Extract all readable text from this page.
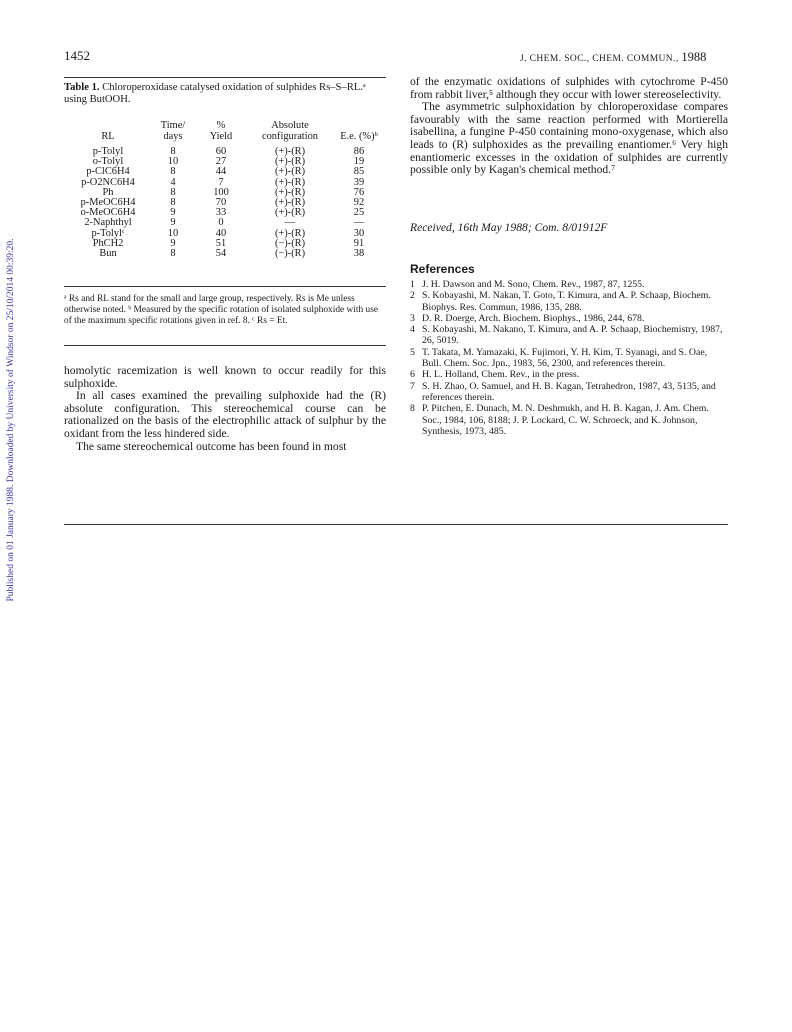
Published on 01 January 1988. Downloaded by University of Windsor on 25/10/2014 00:39:20.
1452	J. CHEM. SOC., CHEM. COMMUN., 1988
Table 1. Chloroperoxidase catalysed oxidation of sulphides Rs–S–RL.ᵃ using ButOOH.
	Time/	%	Absolute	
RL	days	Yield	configuration	E.e. (%)ᵇ

p-Tolyl	8	60	(+)-(R)	86
o-Tolyl	10	27	(+)-(R)	19
p-ClC6H4	8	44	(+)-(R)	85
p-O2NC6H4	4	7	(+)-(R)	39
Ph	8	100	(+)-(R)	76
p-MeOC6H4	8	70	(+)-(R)	92
o-MeOC6H4	9	33	(+)-(R)	25
2-Naphthyl	9	0	—	—
p-Tolylᶜ	10	40	(+)-(R)	30
PhCH2	9	51	(−)-(R)	91
Bun	8	54	(−)-(R)	38
ᵃ Rs and RL stand for the small and large group, respectively. Rs is Me unless otherwise noted. ᵇ Measured by the specific rotation of isolated sulphoxide with use of the maximum specific rotations given in ref. 8. ᶜ Rs = Et.

homolytic racemization is well known to occur readily for this sulphoxide.

In all cases examined the prevailing sulphoxide had the (R) absolute configuration. This stereochemical course can be rationalized on the basis of the electrophilic attack of sulphur by the oxidant from the less hindered side.

The same stereochemical outcome has been found in most

of the enzymatic oxidations of sulphides with cytochrome P-450 from rabbit liver,⁵ although they occur with lower stereoselectivity.

The asymmetric sulphoxidation by chloroperoxidase compares favourably with the same reaction performed with Mortierella isabellina, a fungine P-450 containing mono-oxygenase, which also leads to (R) sulphoxides as the prevailing enantiomer.⁶ Very high enantiomeric excesses in the oxidation of sulphides are currently possible only by Kagan's chemical method.⁷

Received, 16th May 1988; Com. 8/01912F
References

1 J. H. Dawson and M. Sono, Chem. Rev., 1987, 87, 1255.

2 S. Kobayashi, M. Nakan, T. Goto, T. Kimura, and A. P. Schaap, Biochem. Biophys. Res. Commun, 1986, 135, 288.

3 D. R. Doerge, Arch. Biochem. Biophys., 1986, 244, 678.

4 S. Kobayashi, M. Nakano, T. Kimura, and A. P. Schaap, Biochemistry, 1987, 26, 5019.

5 T. Takata, M. Yamazaki, K. Fujimori, Y. H. Kim, T. Syanagi, and S. Oae, Bull. Chem. Soc. Jpn., 1983, 56, 2300, and references therein.

6 H. L. Holland, Chem. Rev., in the press.

7 S. H. Zhao, O. Samuel, and H. B. Kagan, Tetrahedron, 1987, 43, 5135, and references therein.

8 P. Pitchen, E. Dunach, M. N. Deshmukh, and H. B. Kagan, J. Am. Chem. Soc., 1984, 106, 8188; J. P. Lockard, C. W. Schroeck, and K. Johnson, Synthesis, 1973, 485.
